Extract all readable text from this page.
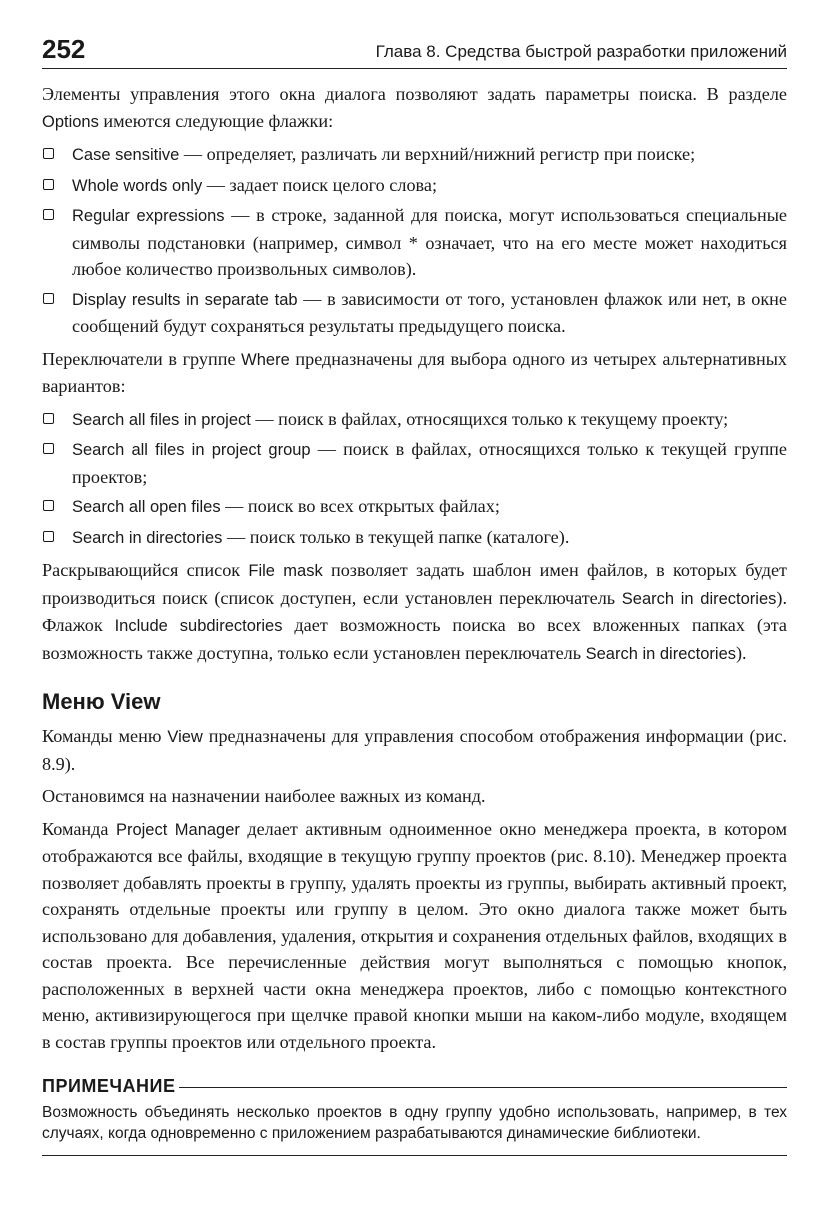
252	Глава 8. Средства быстрой разработки приложений

Элементы управления этого окна диалога позволяют задать параметры поиска. В разделе Options имеются следующие флажки:

Case sensitive — определяет, различать ли верхний/нижний регистр при поиске;
Whole words only — задает поиск целого слова;
Regular expressions — в строке, заданной для поиска, могут использоваться специальные символы подстановки (например, символ * означает, что на его месте может находиться любое количество произвольных символов).
Display results in separate tab — в зависимости от того, установлен флажок или нет, в окне сообщений будут сохраняться результаты предыдущего поиска.

Переключатели в группе Where предназначены для выбора одного из четырех альтернативных вариантов:

Search all files in project — поиск в файлах, относящихся только к текущему проекту;
Search all files in project group — поиск в файлах, относящихся только к текущей группе проектов;
Search all open files — поиск во всех открытых файлах;
Search in directories — поиск только в текущей папке (каталоге).

Раскрывающийся список File mask позволяет задать шаблон имен файлов, в которых будет производиться поиск (список доступен, если установлен переключатель Search in directories). Флажок Include subdirectories дает возможность поиска во всех вложенных папках (эта возможность также доступна, только если установлен переключатель Search in directories).

Меню View

Команды меню View предназначены для управления способом отображения информации (рис. 8.9).

Остановимся на назначении наиболее важных из команд.

Команда Project Manager делает активным одноименное окно менеджера проекта, в котором отображаются все файлы, входящие в текущую группу проектов (рис. 8.10). Менеджер проекта позволяет добавлять проекты в группу, удалять проекты из группы, выбирать активный проект, сохранять отдельные проекты или группу в целом. Это окно диалога также может быть использовано для добавления, удаления, открытия и сохранения отдельных файлов, входящих в состав проекта. Все перечисленные действия могут выполняться с помощью кнопок, расположенных в верхней части окна менеджера проектов, либо с помощью контекстного меню, активизирующегося при щелчке правой кнопки мыши на каком-либо модуле, входящем в состав группы проектов или отдельного проекта.

ПРИМЕЧАНИЕ

Возможность объединять несколько проектов в одну группу удобно использовать, например, в тех случаях, когда одновременно с приложением разрабатываются динамические библиотеки.
